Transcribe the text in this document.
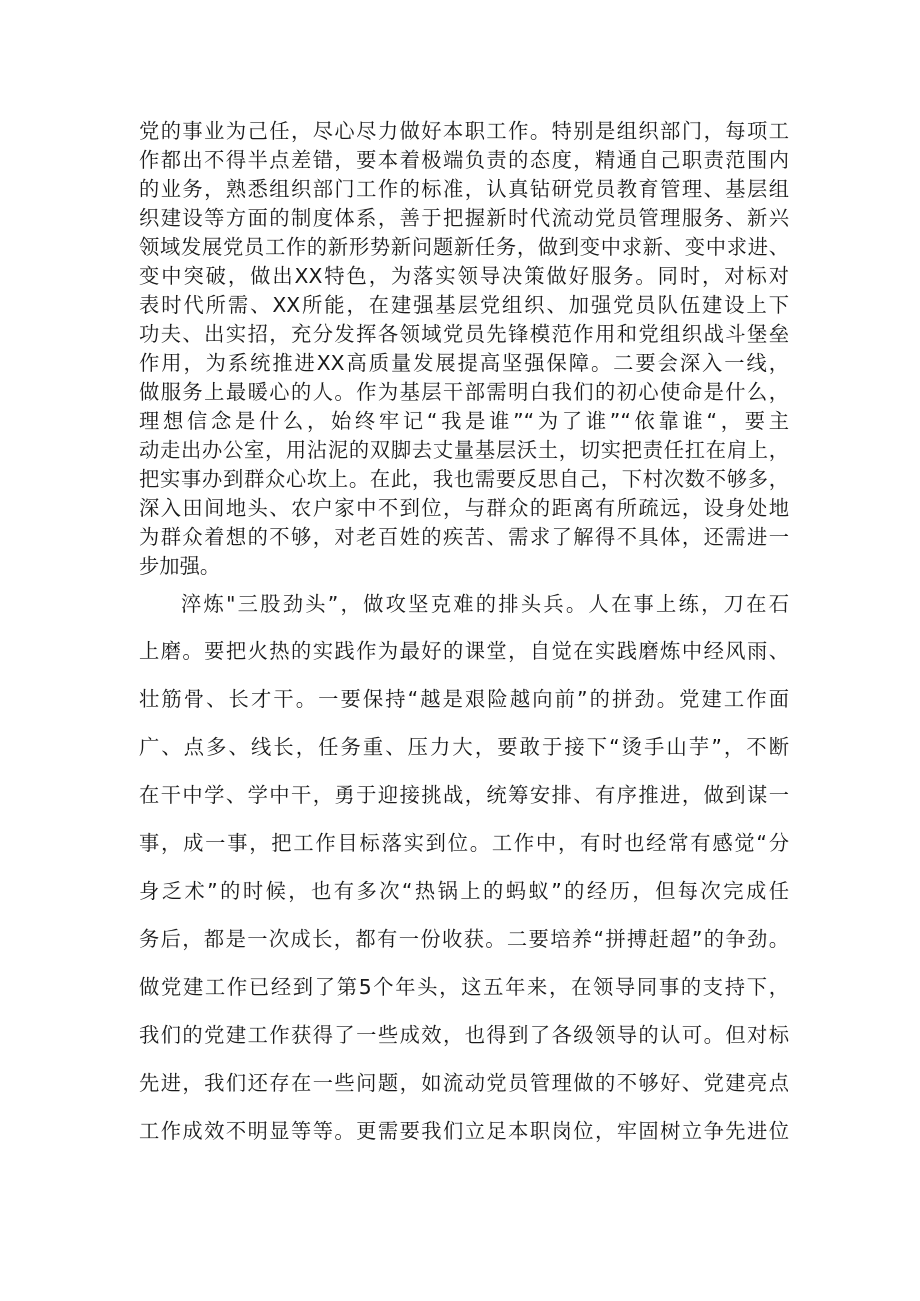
党的事业为己任，尽心尽力做好本职工作。特别是组织部门，每项工
作都出不得半点差错，要本着极端负责的态度，精通自己职责范围内
的业务，熟悉组织部门工作的标准，认真钻研党员教育管理、基层组
织建设等方面的制度体系，善于把握新时代流动党员管理服务、新兴
领域发展党员工作的新形势新问题新任务，做到变中求新、变中求进、
变中突破，做出XX特色，为落实领导决策做好服务。同时，对标对
表时代所需、XX所能，在建强基层党组织、加强党员队伍建设上下
功夫、出实招，充分发挥各领域党员先锋模范作用和党组织战斗堡垒
作用，为系统推进XX高质量发展提高坚强保障。二要会深入一线，
做服务上最暖心的人。作为基层干部需明白我们的初心使命是什么，
理想信念是什么，始终牢记“我是谁”“为了谁”“依靠谁“，要主
动走出办公室，用沾泥的双脚去丈量基层沃土，切实把责任扛在肩上，
把实事办到群众心坎上。在此，我也需要反思自己，下村次数不够多，
深入田间地头、农户家中不到位，与群众的距离有所疏远，设身处地
为群众着想的不够，对老百姓的疾苦、需求了解得不具体，还需进一
步加强。
淬炼"三股劲头”，做攻坚克难的排头兵。人在事上练，刀在石
上磨。要把火热的实践作为最好的课堂，自觉在实践磨炼中经风雨、
壮筋骨、长才干。一要保持“越是艰险越向前”的拼劲。党建工作面
广、点多、线长，任务重、压力大，要敢于接下“烫手山芋”，不断
在干中学、学中干，勇于迎接挑战，统筹安排、有序推进，做到谋一
事，成一事，把工作目标落实到位。工作中，有时也经常有感觉“分
身乏术”的时候，也有多次“热锅上的蚂蚁”的经历，但每次完成任
务后，都是一次成长，都有一份收获。二要培养“拼搏赶超”的争劲。
做党建工作已经到了第5个年头，这五年来，在领导同事的支持下，
我们的党建工作获得了一些成效，也得到了各级领导的认可。但对标
先进，我们还存在一些问题，如流动党员管理做的不够好、党建亮点
工作成效不明显等等。更需要我们立足本职岗位，牢固树立争先进位
